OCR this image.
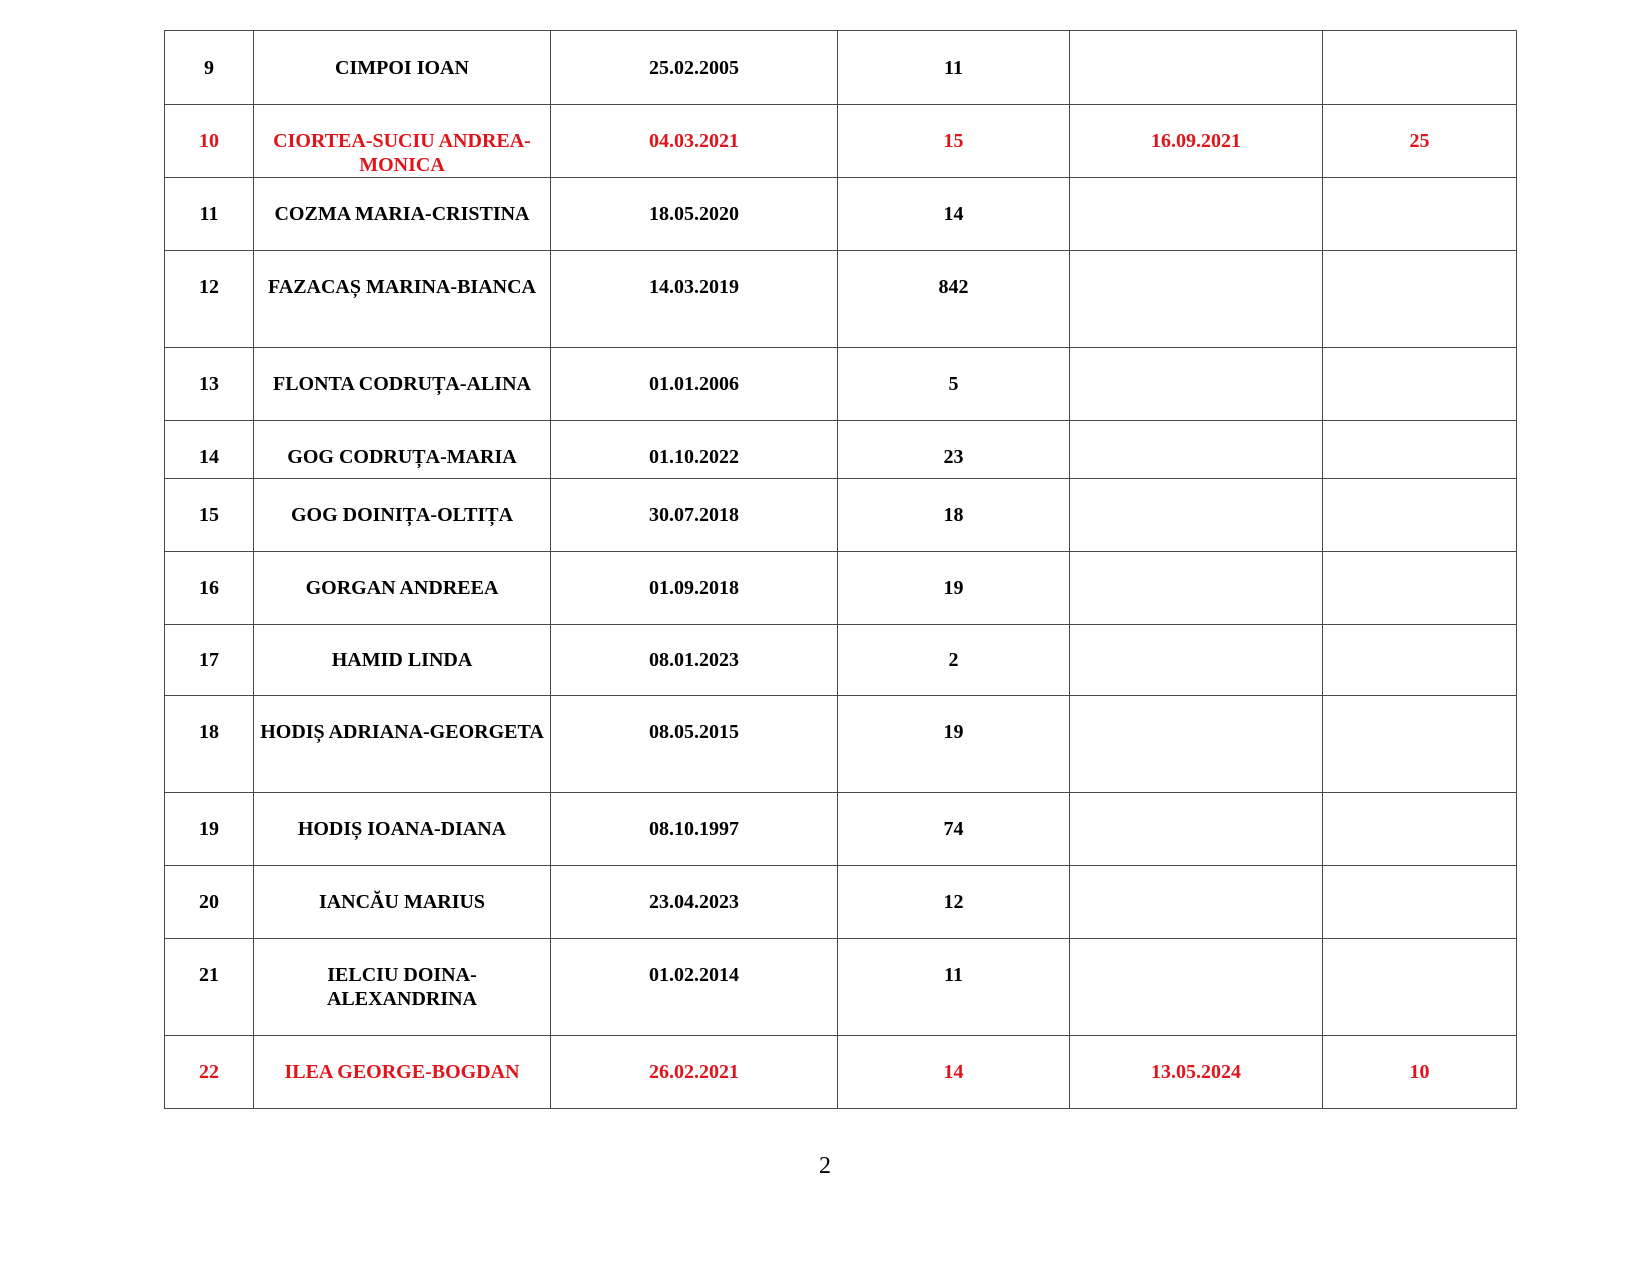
9	CIMPOI IOAN	25.02.2005	11		
10	CIORTEA-SUCIU ANDREA-MONICA	04.03.2021	15	16.09.2021	25
11	COZMA MARIA-CRISTINA	18.05.2020	14		
12	FAZACAȘ MARINA-BIANCA	14.03.2019	842		
13	FLONTA CODRUȚA-ALINA	01.01.2006	5		
14	GOG CODRUȚA-MARIA	01.10.2022	23		
15	GOG DOINIȚA-OLTIȚA	30.07.2018	18		
16	GORGAN ANDREEA	01.09.2018	19		
17	HAMID LINDA	08.01.2023	2		
18	HODIȘ ADRIANA-GEORGETA	08.05.2015	19		
19	HODIȘ IOANA-DIANA	08.10.1997	74		
20	IANCĂU MARIUS	23.04.2023	12		
21	IELCIU DOINA-ALEXANDRINA	01.02.2014	11		
22	ILEA GEORGE-BOGDAN	26.02.2021	14	13.05.2024	10
2
